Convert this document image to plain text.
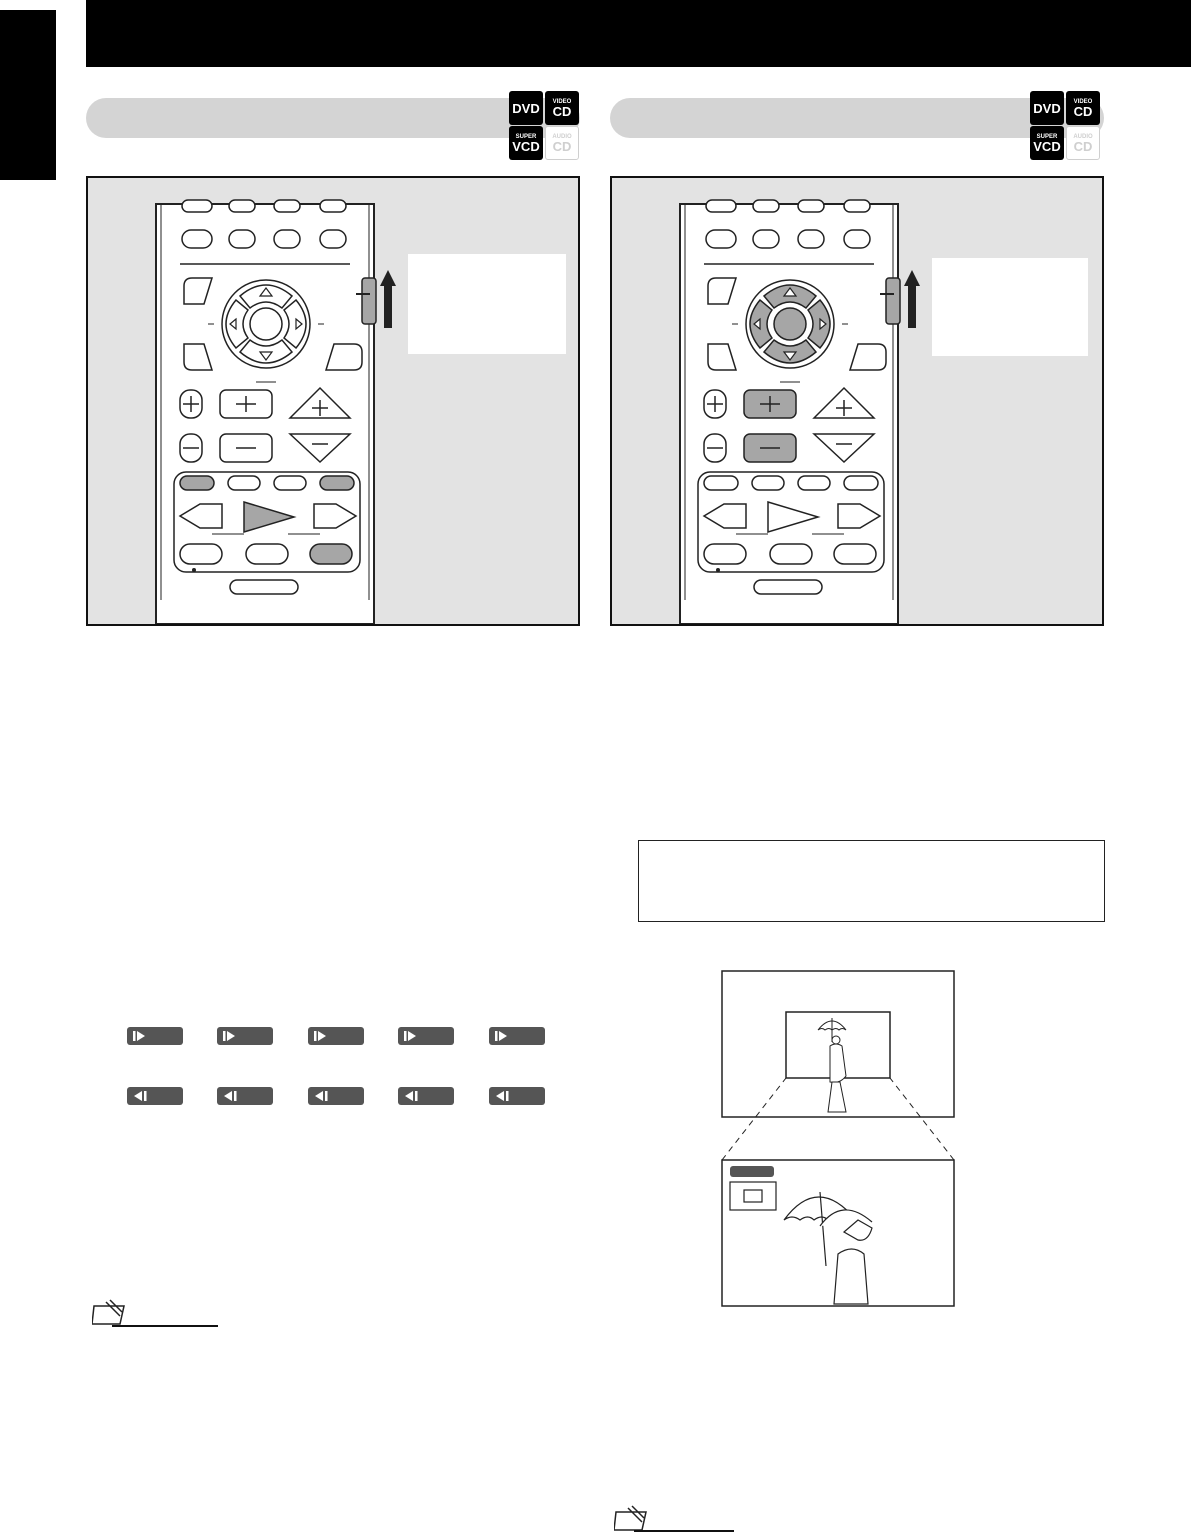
DVD VIDEO
CD
SUPER
VCD
AUDIO
CD
DVD VIDEO
CD
SUPER
VCD
AUDIO
CD
